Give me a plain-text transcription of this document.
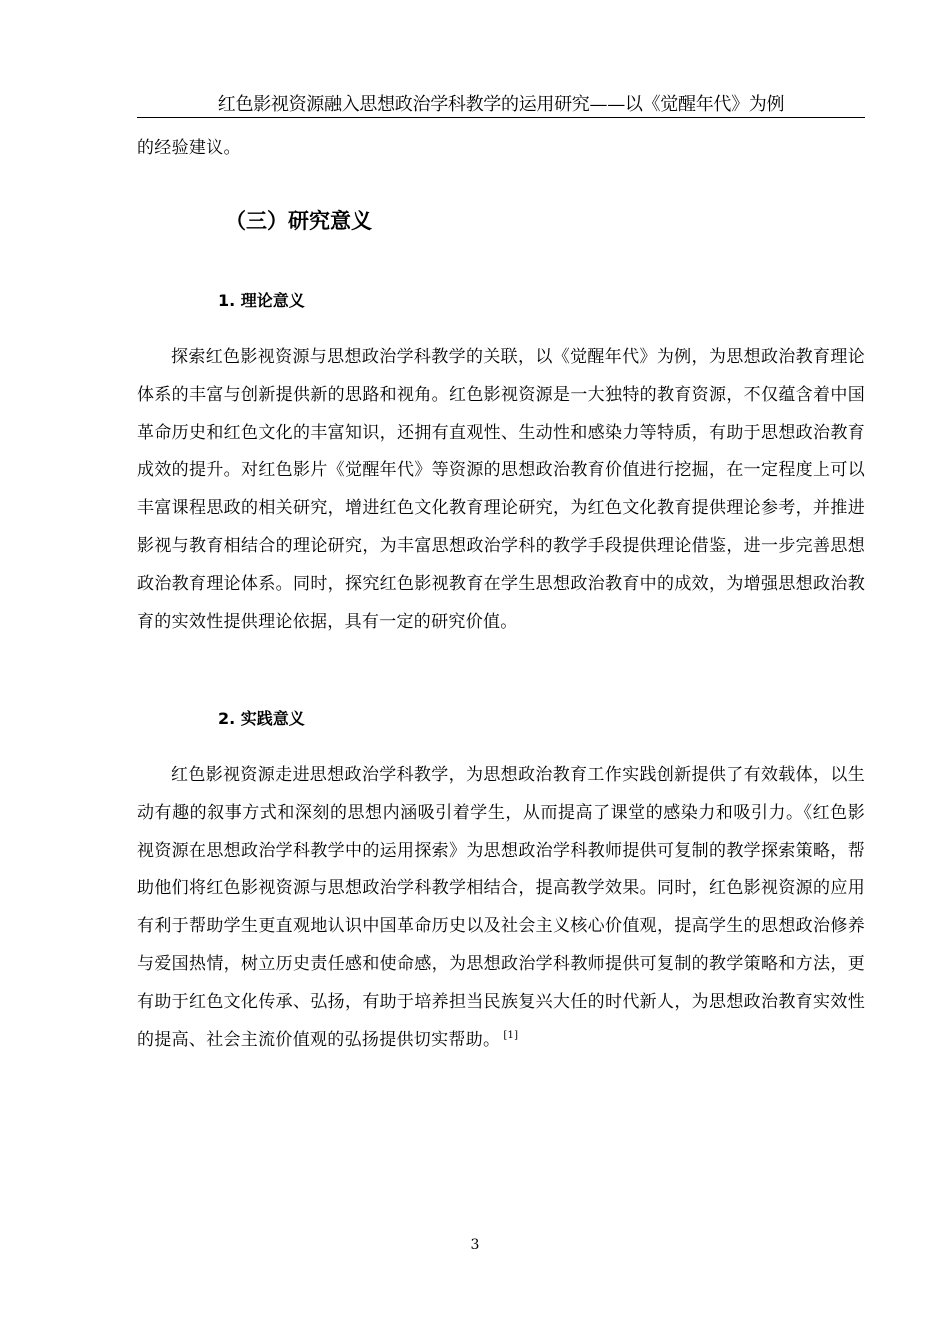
红色影视资源融入思想政治学科教学的运用研究——以《觉醒年代》为例

的经验建议。

（三）研究意义
1. 理论意义

探索红色影视资源与思想政治学科教学的关联，以《觉醒年代》为例，为思想政治教育理论体系的丰富与创新提供新的思路和视角。红色影视资源是一大独特的教育资源，不仅蕴含着中国革命历史和红色文化的丰富知识，还拥有直观性、生动性和感染力等特质，有助于思想政治教育成效的提升。对红色影片《觉醒年代》等资源的思想政治教育价值进行挖掘，在一定程度上可以丰富课程思政的相关研究，增进红色文化教育理论研究，为红色文化教育提供理论参考，并推进影视与教育相结合的理论研究，为丰富思想政治学科的教学手段提供理论借鉴，进一步完善思想政治教育理论体系。同时，探究红色影视教育在学生思想政治教育中的成效，为增强思想政治教育的实效性提供理论依据，具有一定的研究价值。

2. 实践意义

红色影视资源走进思想政治学科教学，为思想政治教育工作实践创新提供了有效载体，以生动有趣的叙事方式和深刻的思想内涵吸引着学生，从而提高了课堂的感染力和吸引力。《红色影视资源在思想政治学科教学中的运用探索》为思想政治学科教师提供可复制的教学探索策略，帮助他们将红色影视资源与思想政治学科教学相结合，提高教学效果。同时，红色影视资源的应用有利于帮助学生更直观地认识中国革命历史以及社会主义核心价值观，提高学生的思想政治修养与爱国热情，树立历史责任感和使命感，为思想政治学科教师提供可复制的教学策略和方法，更有助于红色文化传承、弘扬，有助于培养担当民族复兴大任的时代新人，为思想政治教育实效性的提高、社会主流价值观的弘扬提供切实帮助。 [1]

3
